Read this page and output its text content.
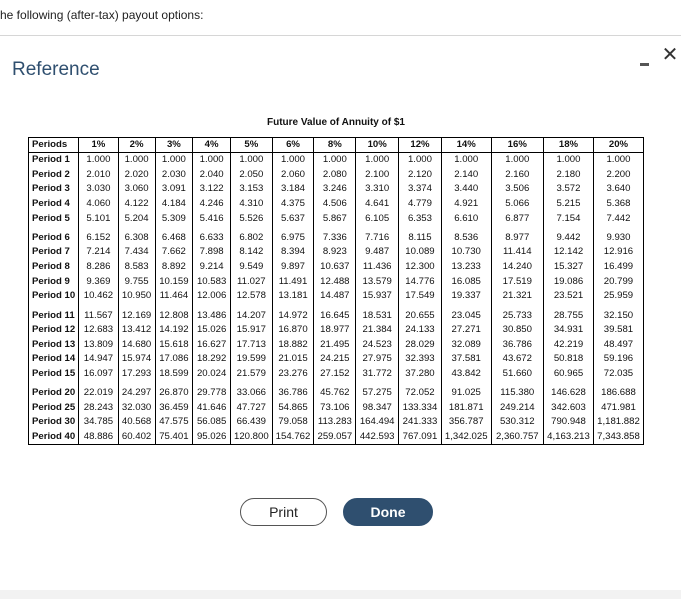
he following (after-tax) payout options:
Reference
✕
Future Value of Annuity of $1
Periods	1%	2%	3%	4%	5%	6%	8%	10%	12%	14%	16%	18%	20%
Period 1	1.000	1.000	1.000	1.000	1.000	1.000	1.000	1.000	1.000	1.000	1.000	1.000	1.000
Period 2	2.010	2.020	2.030	2.040	2.050	2.060	2.080	2.100	2.120	2.140	2.160	2.180	2.200
Period 3	3.030	3.060	3.091	3.122	3.153	3.184	3.246	3.310	3.374	3.440	3.506	3.572	3.640
Period 4	4.060	4.122	4.184	4.246	4.310	4.375	4.506	4.641	4.779	4.921	5.066	5.215	5.368
Period 5	5.101	5.204	5.309	5.416	5.526	5.637	5.867	6.105	6.353	6.610	6.877	7.154	7.442
Period 6	6.152	6.308	6.468	6.633	6.802	6.975	7.336	7.716	8.115	8.536	8.977	9.442	9.930
Period 7	7.214	7.434	7.662	7.898	8.142	8.394	8.923	9.487	10.089	10.730	11.414	12.142	12.916
Period 8	8.286	8.583	8.892	9.214	9.549	9.897	10.637	11.436	12.300	13.233	14.240	15.327	16.499
Period 9	9.369	9.755	10.159	10.583	11.027	11.491	12.488	13.579	14.776	16.085	17.519	19.086	20.799
Period 10	10.462	10.950	11.464	12.006	12.578	13.181	14.487	15.937	17.549	19.337	21.321	23.521	25.959
Period 11	11.567	12.169	12.808	13.486	14.207	14.972	16.645	18.531	20.655	23.045	25.733	28.755	32.150
Period 12	12.683	13.412	14.192	15.026	15.917	16.870	18.977	21.384	24.133	27.271	30.850	34.931	39.581
Period 13	13.809	14.680	15.618	16.627	17.713	18.882	21.495	24.523	28.029	32.089	36.786	42.219	48.497
Period 14	14.947	15.974	17.086	18.292	19.599	21.015	24.215	27.975	32.393	37.581	43.672	50.818	59.196
Period 15	16.097	17.293	18.599	20.024	21.579	23.276	27.152	31.772	37.280	43.842	51.660	60.965	72.035
Period 20	22.019	24.297	26.870	29.778	33.066	36.786	45.762	57.275	72.052	91.025	115.380	146.628	186.688
Period 25	28.243	32.030	36.459	41.646	47.727	54.865	73.106	98.347	133.334	181.871	249.214	342.603	471.981
Period 30	34.785	40.568	47.575	56.085	66.439	79.058	113.283	164.494	241.333	356.787	530.312	790.948	1,181.882
Period 40	48.886	60.402	75.401	95.026	120.800	154.762	259.057	442.593	767.091	1,342.025	2,360.757	4,163.213	7,343.858
Print	Done
